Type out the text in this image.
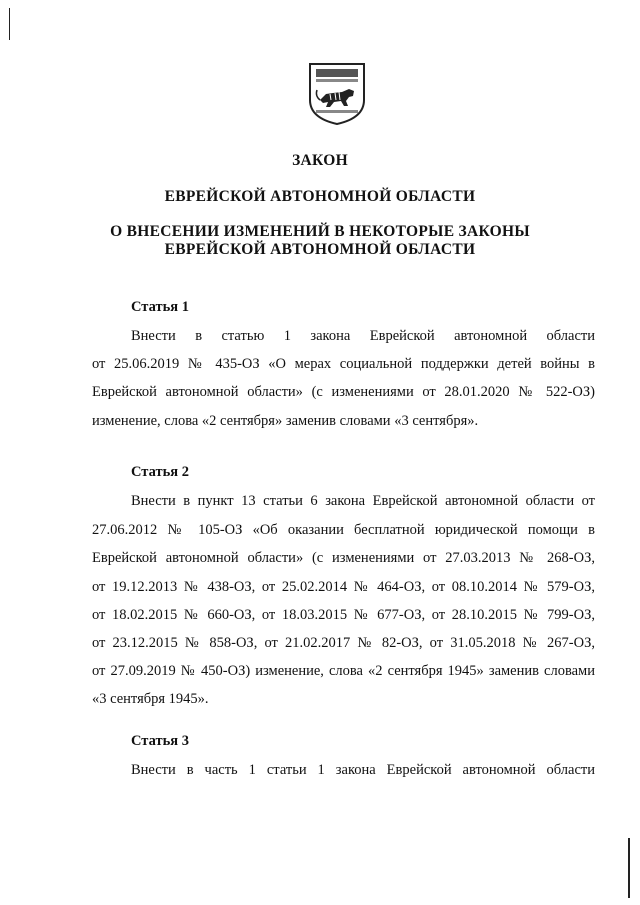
ЗАКОН

ЕВРЕЙСКОЙ АВТОНОМНОЙ ОБЛАСТИ

О ВНЕСЕНИИ ИЗМЕНЕНИЙ В НЕКОТОРЫЕ ЗАКОНЫ

ЕВРЕЙСКОЙ АВТОНОМНОЙ ОБЛАСТИ

Статья 1

Внести в статью 1 закона Еврейской автономной области

от 25.06.2019 № 435-ОЗ «О мерах социальной поддержки детей войны в

Еврейской автономной области» (с изменениями от 28.01.2020 № 522-ОЗ)

изменение, слова «2 сентября» заменив словами «3 сентября».

Статья 2

Внести в пункт 13 статьи 6 закона Еврейской автономной области от

27.06.2012 № 105-ОЗ «Об оказании бесплатной юридической помощи в

Еврейской автономной области» (с изменениями от 27.03.2013 № 268-ОЗ,

от 19.12.2013 № 438-ОЗ, от 25.02.2014 № 464-ОЗ, от 08.10.2014 № 579-ОЗ,

от 18.02.2015 № 660-ОЗ, от 18.03.2015 № 677-ОЗ, от 28.10.2015 № 799-ОЗ,

от 23.12.2015 № 858-ОЗ, от 21.02.2017 № 82-ОЗ, от 31.05.2018 № 267-ОЗ,

от 27.09.2019 № 450-ОЗ) изменение, слова «2 сентября 1945» заменив словами

«3 сентября 1945».

Статья 3

Внести в часть 1 статьи 1 закона Еврейской автономной области
